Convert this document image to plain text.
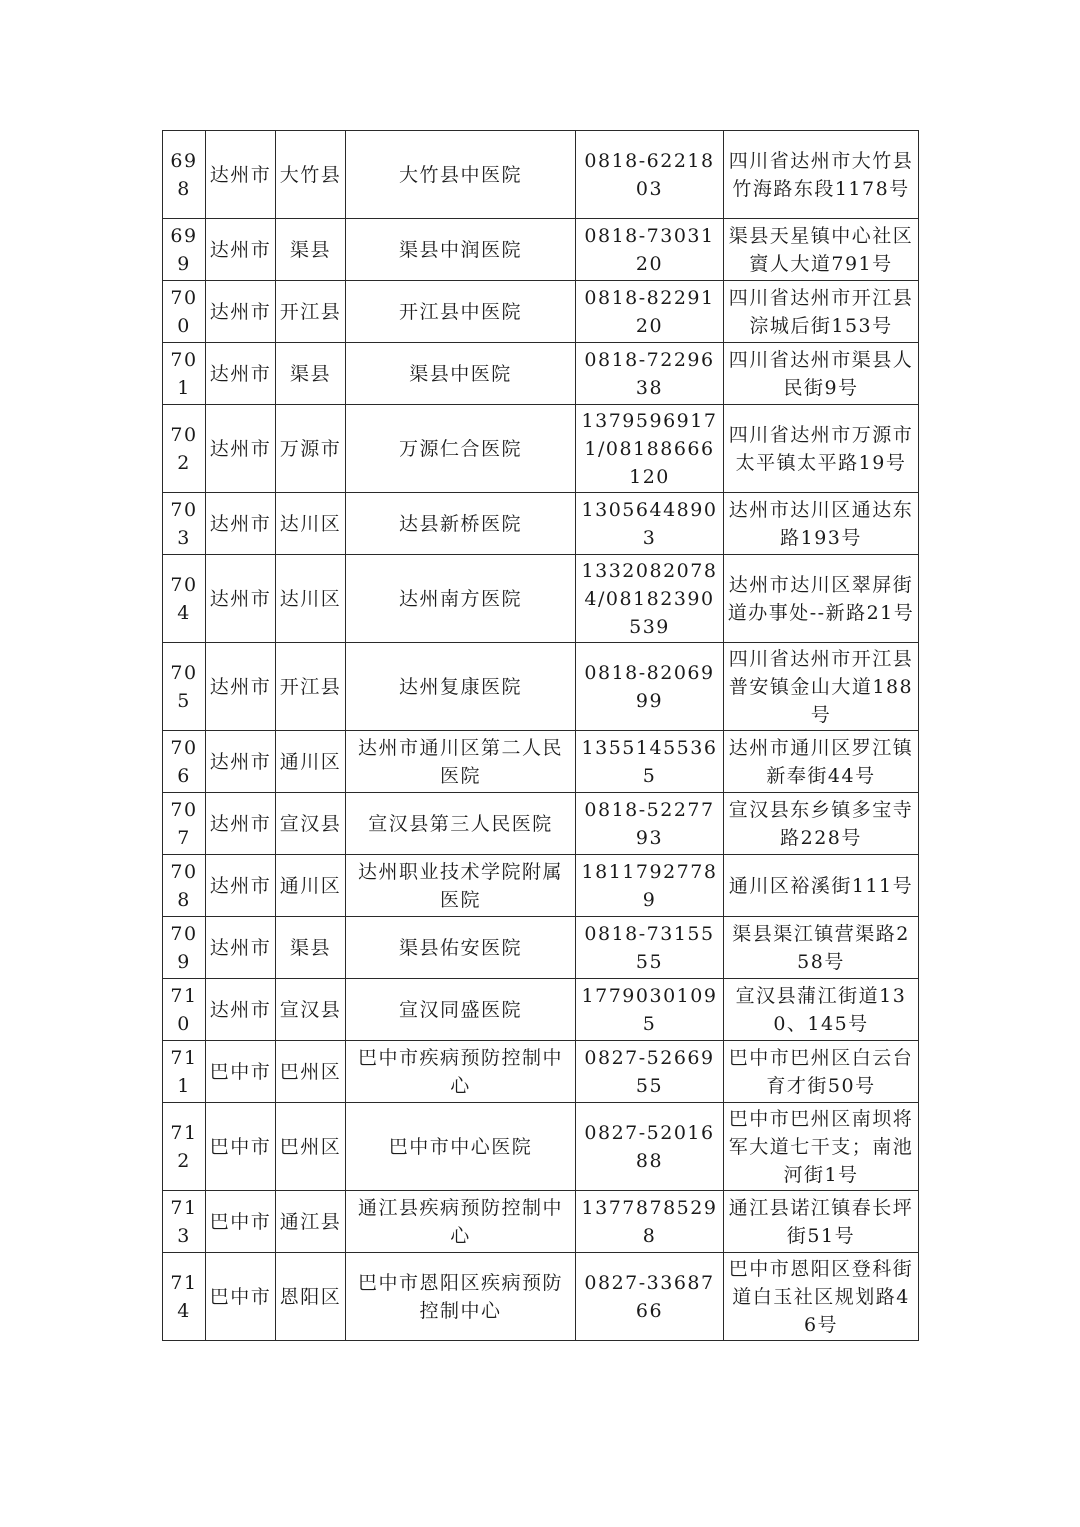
698	达州市	大竹县	大竹县中医院	0818-6221803	四川省达州市大竹县竹海路东段1178号
699	达州市	渠县	渠县中润医院	0818-7303120	渠县天星镇中心社区賨人大道791号
700	达州市	开江县	开江县中医院	0818-8229120	四川省达州市开江县淙城后街153号
701	达州市	渠县	渠县中医院	0818-7229638	四川省达州市渠县人民街9号
702	达州市	万源市	万源仁合医院	13795969171/08188666120	四川省达州市万源市太平镇太平路19号
703	达州市	达川区	达县新桥医院	13056448903	达州市达川区通达东路193号
704	达州市	达川区	达州南方医院	13320820784/08182390539	达州市达川区翠屏街道办事处--新路21号
705	达州市	开江县	达州复康医院	0818-8206999	四川省达州市开江县普安镇金山大道188号
706	达州市	通川区	达州市通川区第二人民医院	13551455365	达州市通川区罗江镇新奉街44号
707	达州市	宣汉县	宣汉县第三人民医院	0818-5227793	宣汉县东乡镇多宝寺路228号
708	达州市	通川区	达州职业技术学院附属医院	18117927789	通川区裕溪街111号
709	达州市	渠县	渠县佑安医院	0818-7315555	渠县渠江镇营渠路258号
710	达州市	宣汉县	宣汉同盛医院	17790301095	宣汉县蒲江街道130、145号
711	巴中市	巴州区	巴中市疾病预防控制中心	0827-5266955	巴中市巴州区白云台育才街50号
712	巴中市	巴州区	巴中市中心医院	0827-5201688	巴中市巴州区南坝将军大道七干支；南池河街1号
713	巴中市	通江县	通江县疾病预防控制中心	13778785298	通江县诺江镇春长坪街51号
714	巴中市	恩阳区	巴中市恩阳区疾病预防控制中心	0827-3368766	巴中市恩阳区登科街道白玉社区规划路46号
